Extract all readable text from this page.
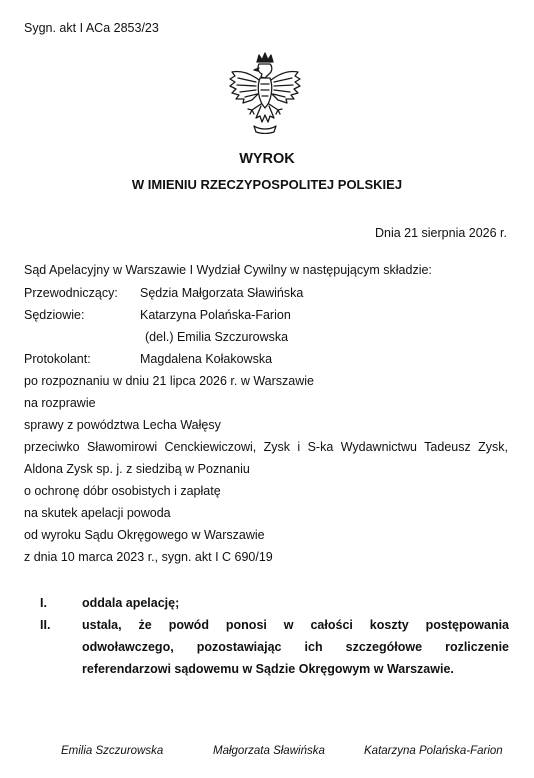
Sygn. akt I ACa 2853/23
WYROK
W IMIENIU RZECZYPOSPOLITEJ POLSKIEJ
Dnia 21 sierpnia 2026 r.
Sąd Apelacyjny w Warszawie I Wydział Cywilny w następującym składzie:
Przewodniczący: Sędzia Małgorzata Sławińska
Sędziowie:	Katarzyna Polańska-Farion
(del.) Emilia Szczurowska
Protokolant:	Magdalena Kołakowska
po rozpoznaniu w dniu 21 lipca 2026 r. w Warszawie
na rozprawie
sprawy z powództwa Lecha Wałęsy
przeciwko Sławomirowi Cenckiewiczowi, Zysk i S-ka Wydawnictwu Tadeusz Zysk,
Aldona Zysk sp. j. z siedzibą w Poznaniu
o ochronę dóbr osobistych i zapłatę
na skutek apelacji powoda
od wyroku Sądu Okręgowego w Warszawie
z dnia 10 marca 2023 r., sygn. akt I C 690/19
I.	oddala apelację;
II.	ustala, że powód ponosi w całości koszty postępowania
odwoławczego, pozostawiając ich szczegółowe rozliczenie
referendarzowi sądowemu w Sądzie Okręgowym w Warszawie.
Emilia Szczurowska	Małgorzata Sławińska	Katarzyna Polańska-Farion
